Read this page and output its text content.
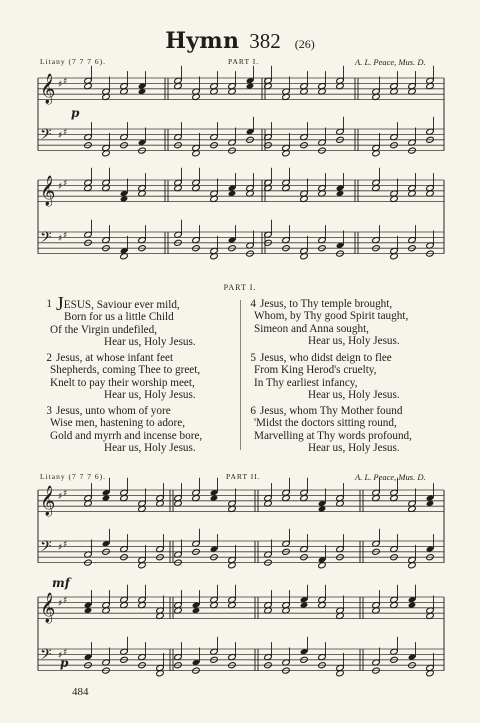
Hymn 382 (26)
Litany (7 7 7 6).	PART I.	A. L. Peace, Mus. D.
𝄞 ♯ ♯
𝄢 ♯ ♯
𝄞 ♯ ♯
𝄢 ♯ ♯
𝄞 ♯ ♯
𝄢 ♯ ♯
𝄞 ♯ ♯
𝄢 ♯ ♯
p
mf
p
PART I.
1 JESUS, Saviour ever mild,
Born for us a little Child
Of the Virgin undefiled,
Hear us, Holy Jesus.
2 Jesus, at whose infant feet
Shepherds, coming Thee to greet,
Knelt to pay their worship meet,
Hear us, Holy Jesus.
3 Jesus, unto whom of yore
Wise men, hastening to adore,
Gold and myrrh and incense bore,
Hear us, Holy Jesus.
4 Jesus, to Thy temple brought,
Whom, by Thy good Spirit taught,
Simeon and Anna sought,
Hear us, Holy Jesus.
5 Jesus, who didst deign to flee
From King Herod's cruelty,
In Thy earliest infancy,
Hear us, Holy Jesus.
6 Jesus, whom Thy Mother found
'Midst the doctors sitting round,
Marvelling at Thy words profound,
Hear us, Holy Jesus.
Litany (7 7 7 6).	PART II.	A. L. Peace, Mus. D.
484
